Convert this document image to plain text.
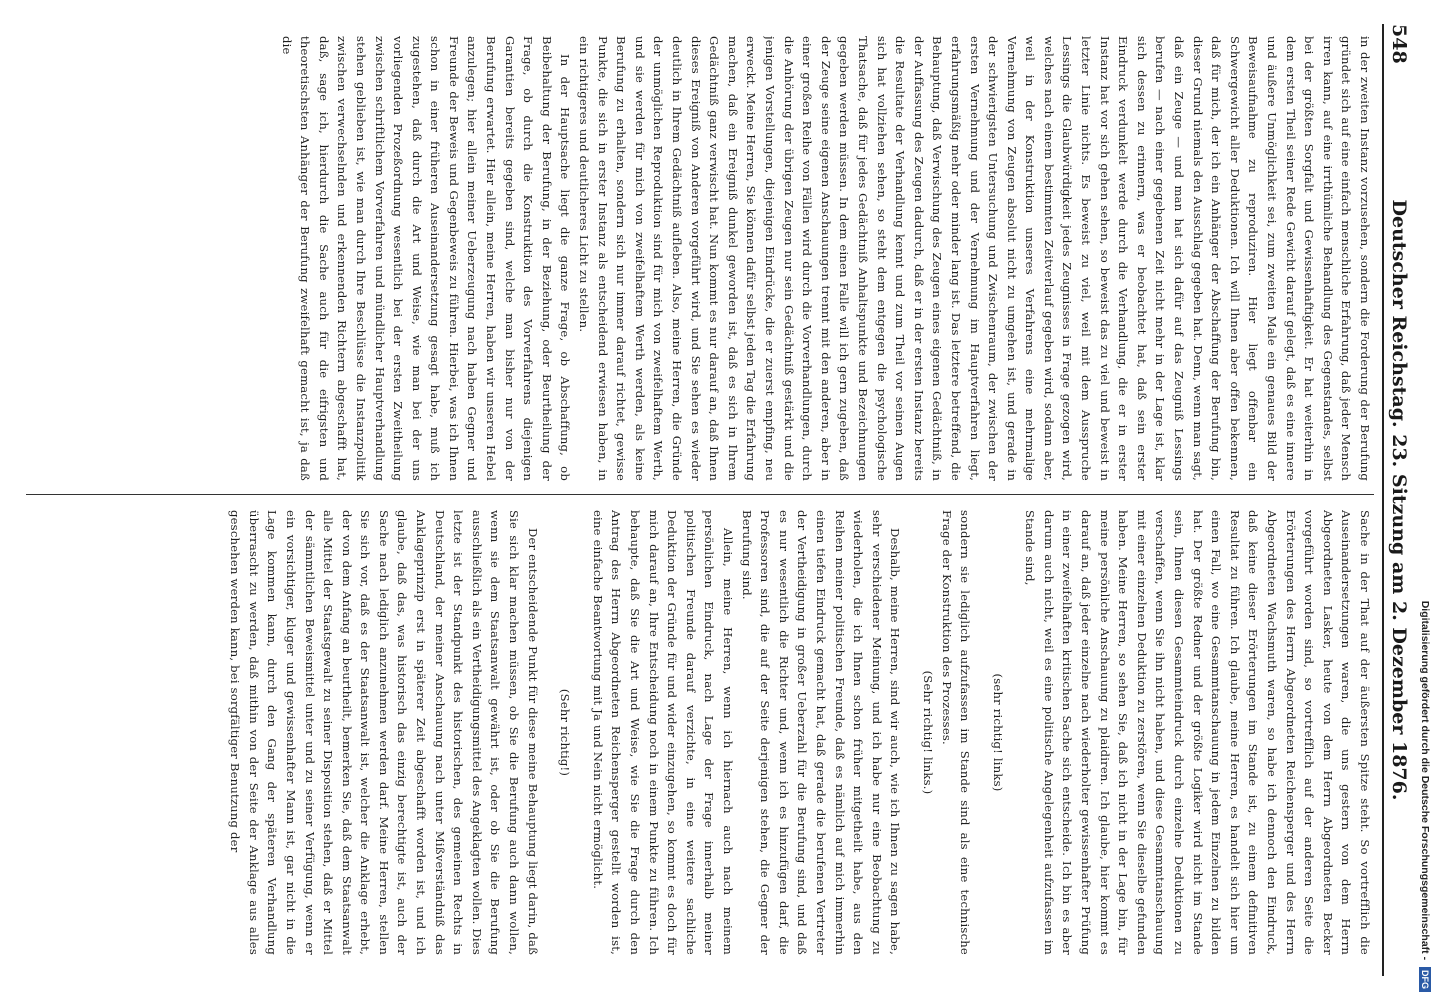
548
Deutscher Reichstag. 23. Sitzung am 2. Dezember 1876.

in der zweiten Instanz vorzusehen, sondern die Forderung der Berufung gründet sich auf eine einfach menschliche Erfahrung, daß jeder Mensch irren kann, auf eine irrthümliche Behandlung des Gegenstandes, selbst bei der größten Sorgfalt und Gewissenhaftigkeit. Er hat weiterhin in dem ersten Theil seiner Rede Gewicht darauf gelegt, daß es eine innere und äußere Unmöglichkeit sei, zum zweiten Male ein genaues Bild der Beweisaufnahme zu reproduziren. Hier liegt offenbar ein Schwergewicht aller Deduktionen. Ich will Ihnen aber offen bekennen, daß für mich, der ich ein Anhänger der Abschaffung der Berufung bin, dieser Grund niemals den Ausschlag gegeben hat. Denn, wenn man sagt, daß ein Zeuge — und man hat sich dafür auf das Zeugniß Lessings berufen — nach einer gegebenen Zeit nicht mehr in der Lage ist, klar sich dessen zu erinnern, was er beobachtet hat, daß sein erster Eindruck verdunkelt werde durch die Verhandlung, die er in erster Instanz hat vor sich gehen sehen, so beweist das zu viel und beweist in letzter Linie nichts. Es beweist zu viel, weil mit dem Ausspruche Lessings die Glaubwürdigkeit jedes Zeugnisses in Frage gezogen wird, welches nach einem bestimmten Zeitverlauf gegeben wird, sodann aber, weil in der Konstruktion unseres Verfahrens eine mehrmalige Vernehmung von Zeugen absolut nicht zu umgehen ist, und gerade in der schwierigsten Untersuchung und Zwischenraum, der zwischen der ersten Vernehmung und der Vernehmung im Hauptverfahren liegt, erfahrungsmäßig mehr oder minder lang ist. Das letztere betreffend, die Behauptung, daß Verwischung des Zeugen eines eigenen Gedächtniß, in der Auffassung des Zeugen dadurch, daß er in der ersten Instanz bereits die Resultate der Verhandlung kennt und zum Theil vor seinen Augen sich hat vollziehen sehen, so steht dem entgegen die psychologische Thatsache, daß für jedes Gedächtniß Anhaltspunkte und Bezeichnungen gegeben werden müssen. In dem einen Falle will ich gern zugeben, daß der Zeuge seine eigenen Anschauungen trennt mit den anderen, aber in einer großen Reihe von Fällen wird durch die Vorverhandlungen, durch die Anhörung der übrigen Zeugen nur sein Gedächtniß gestärkt und die jenigen Vorstellungen, diejenigen Eindrücke, die er zuerst empfing, neu erweckt. Meine Herren, Sie können dafür selbst jeden Tag die Erfahrung machen, daß ein Ereigniß dunkel geworden ist, daß es sich in Ihrem Gedächtniß ganz verwischt hat. Nun kommt es nur darauf an, daß Ihnen dieses Ereigniß von Anderen vorgeführt wird, und Sie sehen es wieder deutlich in Ihrem Gedächtniß aufleben. Also, meine Herren, die Gründe der unmöglichen Reproduktion sind für mich von zweifelhaftem Werth, und sie werden für mich von zweifelhaftem Werth werden, als keine Berufung zu erhalten, sondern sich nur immer darauf richtet, gewisse Punkte, die sich in erster Instanz als entscheidend erwiesen haben, in ein richtigeres und deutlicheres Licht zu stellen.

In der Hauptsache liegt die ganze Frage, ob Abschaffung, ob Beibehaltung der Berufung, in der Beziehung, oder Beurtheilung der Frage, ob durch die Konstruktion des Vorverfahrens diejenigen Garantien bereits gegeben sind, welche man bisher nur von der Berufung erwartet. Hier allein, meine Herren, haben wir unseren Hebel anzulegen; hier allein meiner Ueberzeugung nach haben Gegner und Freunde der Beweis und Gegenbeweis zu führen. Hierbei, was ich Ihnen schon in einer früheren Auseinandersetzung gesagt habe, muß ich zugestehen, daß durch die Art und Weise, wie man bei der uns vorliegenden Prozeßordnung wesentlich bei der ersten Zweitheilung zwischen schriftlichem Vorverfahren und mündlicher Hauptverhandlung stehen geblieben ist, wie man durch Ihre Beschlüsse die Instanzpolitik zwischen verwechselnden und erkennenden Richtern abgeschafft hat, daß, sage ich, hierdurch die Sache auch für die eifrigsten und theoretischsten Anhänger der Berufung zweifelhaft gemacht ist, ja daß die

Sache in der That auf der äußersten Spitze steht. So vortrefflich die Auseinandersetzungen waren, die uns gestern von dem Herrn Abgeordneten Lasker, heute von dem Herrn Abgeordneten Becker vorgeführt worden sind, so vortrefflich auf der anderen Seite die Erörterungen des Herrn Abgeordneten Reichensperger und des Herrn Abgeordneten Wachsmuth waren, so habe ich dennoch den Eindruck, daß keine dieser Erörterungen im Stande ist, zu einem definitiven Resultat zu führen. Ich glaube, meine Herren, es handelt sich hier um einen Fall, wo eine Gesammtanschauung in jedem Einzelnen zu bilden hat. Der größte Redner und der größte Logiker wird nicht im Stande sein, Ihnen diesen Gesammteindruck durch einzelne Deduktionen zu verschaffen, wenn Sie ihn nicht haben, und diese Gesammtanschauung mit einer einzelnen Deduktion zu zerstören, wenn Sie dieselbe gefunden haben. Meine Herren, so sehen Sie, daß ich nicht in der Lage bin, für meine persönliche Anschauung zu plaidiren. Ich glaube, hier kommt es darauf an, daß jeder einzelne nach wiederholter gewissenhafter Prüfung in einer zweifelhaften kritischen Sache sich entscheide. Ich bin es aber darum auch nicht, weil es eine politische Angelegenheit aufzufassen im Stande sind,

(sehr richtig! links)

sondern sie lediglich aufzufassen im Stande sind als eine technische Frage der Konstruktion des Prozesses.

(Sehr richtig! links.)

Deshalb, meine Herren, sind wir auch, wie ich Ihnen zu sagen habe, sehr verschiedener Meinung, und ich habe nur eine Beobachtung zu wiederholen, die ich Ihnen schon früher mitgetheilt habe, aus den Reihen meiner politischen Freunde, daß es nämlich auf mich immerhin einen tiefen Eindruck gemacht hat, daß gerade die berufenen Vertreter der Vertheidigung in großer Ueberzahl für die Berufung sind, und daß es nur wesentlich die Richter und, wenn ich es hinzufügen darf, die Professoren sind, die auf der Seite derjenigen stehen, die Gegner der Berufung sind.

Allein, meine Herren, wenn ich hiernach auch nach meinem persönlichen Eindruck, nach Lage der Frage innerhalb meiner politischen Freunde darauf verzichte, in eine weitere sachliche Deduktion der Gründe für und wider einzugehen, so kommt es doch für mich darauf an, Ihre Entscheidung noch in einem Punkte zu führen. Ich behaupte, daß Sie die Art und Weise, wie Sie die Frage durch den Antrag des Herrn Abgeordneten Reichensperger gestellt worden ist, eine einfache Beantwortung mit Ja und Nein nicht ermöglicht.

(Sehr richtig!)

Der entscheidende Punkt für diese meine Behauptung liegt darin, daß Sie sich klar machen müssen, ob Sie die Berufung auch dann wollen, wenn sie dem Staatsanwalt gewährt ist, oder ob Sie die Berufung ausschließlich als ein Vertheidigungsmittel des Angeklagten wollen. Dies letzte ist der Standpunkt des historischen, des gemeinen Rechts in Deutschland, der meiner Anschauung nach unter Mißverständniß das Anklageprinzip erst in späterer Zeit abgeschafft worden ist, und ich glaube, daß das, was historisch das einzig berechtigte ist, auch der Sache nach lediglich anzunehmen werden darf. Meine Herren, stellen Sie sich vor, daß es der Staatsanwalt ist, welcher die Anklage erhebt, der von dem Anfang an beurtheilt, bemerken Sie, daß dem Staatsanwalt alle Mittel der Staatsgewalt zu seiner Disposition stehen, daß er Mittel der sämmtlichen Beweismittel unter und zu seiner Verfügung, wenn er ein vorsichtiger, kluger und gewissenhafter Mann ist, gar nicht in die Lage kommen kann, durch den Gang der späteren Verhandlung überrascht zu werden, daß mithin von der Seite der Anklage aus alles geschehen werden kann, bei sorgfältiger Benutzung der	Digitalisierung gefördert durch die Deutsche Forschungsgemeinschaft - DFG
